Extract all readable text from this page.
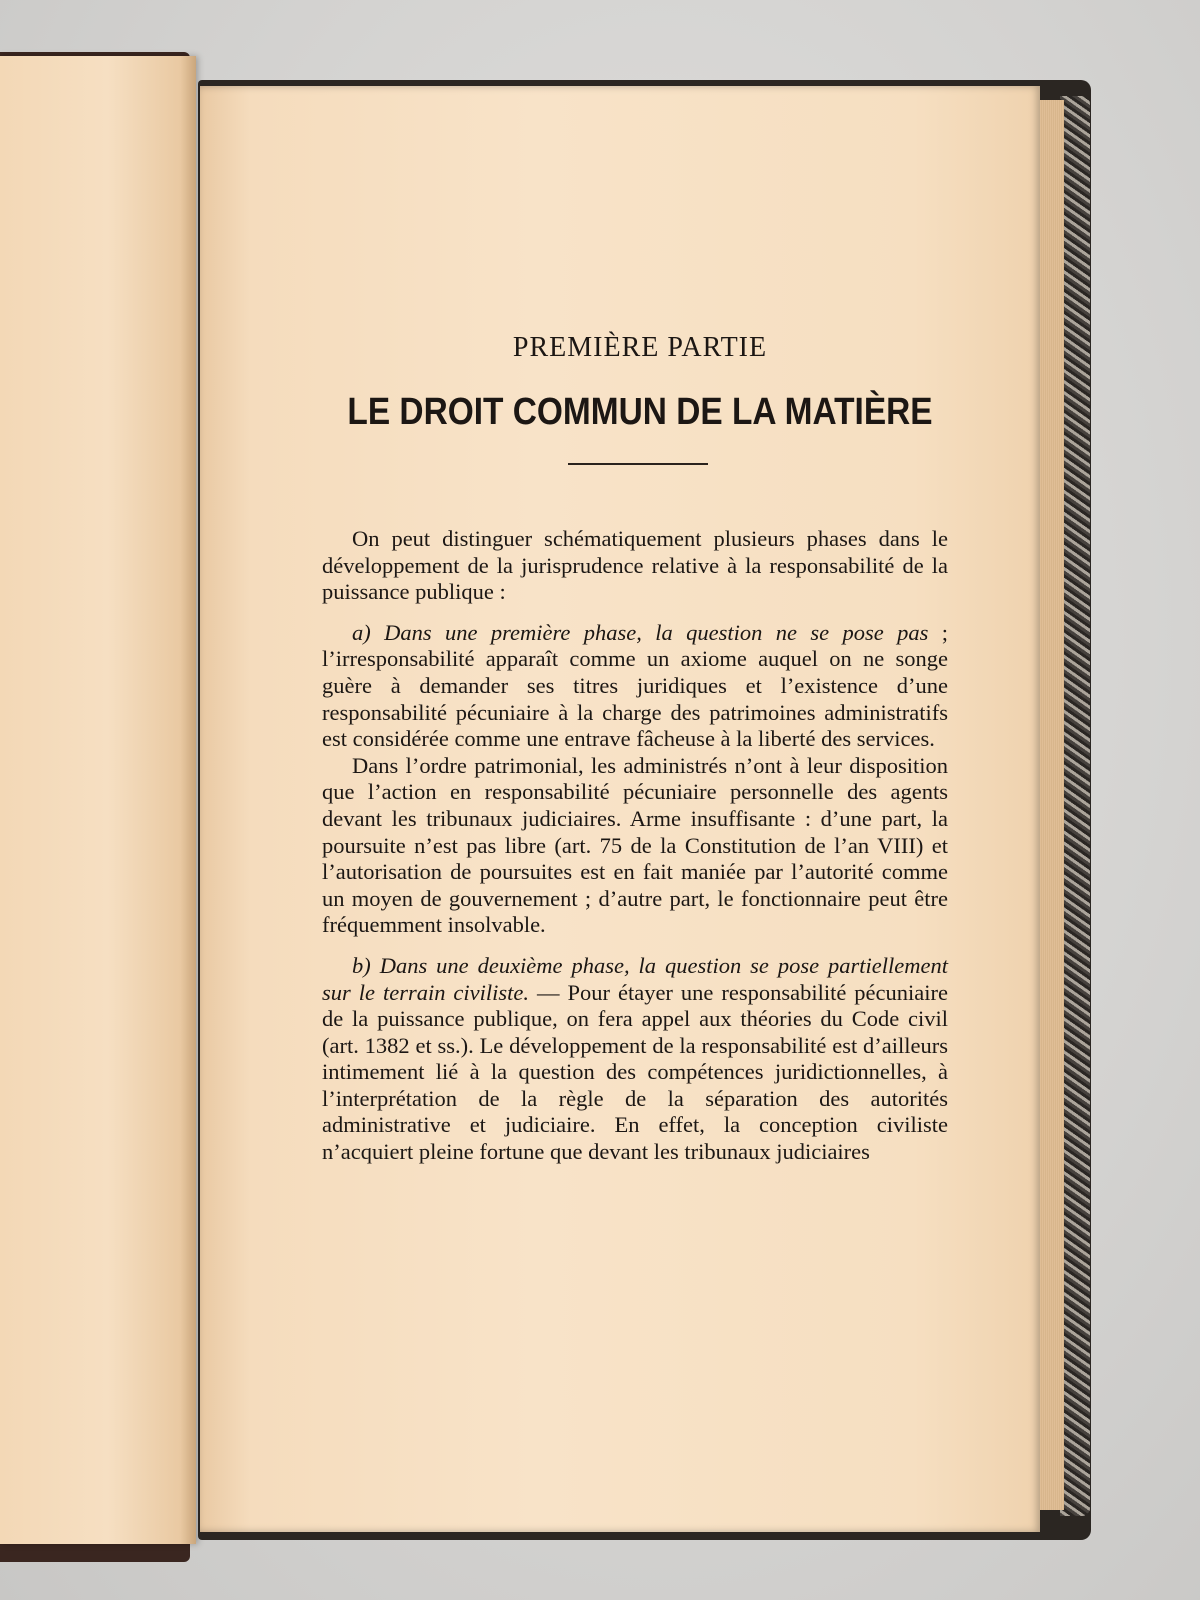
PREMIÈRE PARTIE
LE DROIT COMMUN DE LA MATIÈRE

On peut distinguer schématiquement plusieurs phases dans le développement de la jurisprudence relative à la responsabilité de la puissance publique :

a) Dans une première phase, la question ne se pose pas ; l’irresponsabilité apparaît comme un axiome auquel on ne songe guère à demander ses titres juridiques et l’existence d’une responsabilité pécuniaire à la charge des patrimoines administratifs est considérée comme une entrave fâcheuse à la liberté des services.

Dans l’ordre patrimonial, les administrés n’ont à leur disposition que l’action en responsabilité pécuniaire personnelle des agents devant les tribunaux judiciaires. Arme insuffisante : d’une part, la poursuite n’est pas libre (art. 75 de la Constitution de l’an VIII) et l’autorisation de poursuites est en fait maniée par l’autorité comme un moyen de gouvernement ; d’autre part, le fonctionnaire peut être fréquemment insolvable.

b) Dans une deuxième phase, la question se pose partiellement sur le terrain civiliste. — Pour étayer une responsabilité pécuniaire de la puissance publique, on fera appel aux théories du Code civil (art. 1382 et ss.). Le développement de la responsabilité est d’ailleurs intimement lié à la question des compétences juridictionnelles, à l’interprétation de la règle de la séparation des autorités administrative et judiciaire. En effet, la conception civiliste n’acquiert pleine fortune que devant les tribunaux judiciaires
